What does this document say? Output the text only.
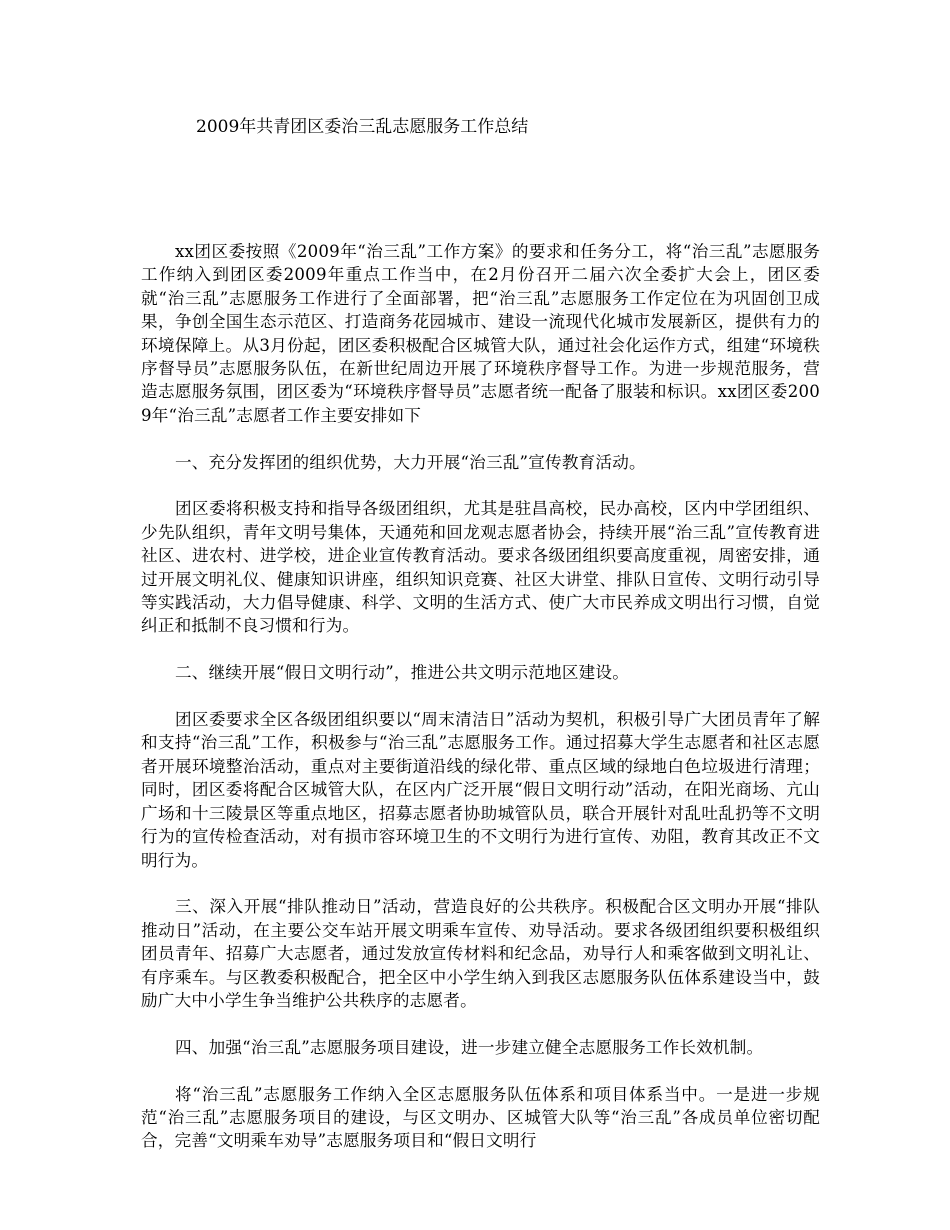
2009年共青团区委治三乱志愿服务工作总结

xx团区委按照《2009年“治三乱”工作方案》的要求和任务分工，将“治三乱”志愿服务工作纳入到团区委2009年重点工作当中，在2月份召开二届六次全委扩大会上，团区委就“治三乱”志愿服务工作进行了全面部署，把“治三乱”志愿服务工作定位在为巩固创卫成果，争创全国生态示范区、打造商务花园城市、建设一流现代化城市发展新区，提供有力的环境保障上。从3月份起，团区委积极配合区城管大队，通过社会化运作方式，组建“环境秩序督导员”志愿服务队伍，在新世纪周边开展了环境秩序督导工作。为进一步规范服务，营造志愿服务氛围，团区委为“环境秩序督导员”志愿者统一配备了服装和标识。xx团区委2009年“治三乱”志愿者工作主要安排如下

一、充分发挥团的组织优势，大力开展“治三乱”宣传教育活动。

团区委将积极支持和指导各级团组织，尤其是驻昌高校，民办高校，区内中学团组织、少先队组织，青年文明号集体，天通苑和回龙观志愿者协会，持续开展“治三乱”宣传教育进社区、进农村、进学校，进企业宣传教育活动。要求各级团组织要高度重视，周密安排，通过开展文明礼仪、健康知识讲座，组织知识竞赛、社区大讲堂、排队日宣传、文明行动引导等实践活动，大力倡导健康、科学、文明的生活方式、使广大市民养成文明出行习惯，自觉纠正和抵制不良习惯和行为。

二、继续开展“假日文明行动”，推进公共文明示范地区建设。

团区委要求全区各级团组织要以“周末清洁日”活动为契机，积极引导广大团员青年了解和支持“治三乱”工作，积极参与“治三乱”志愿服务工作。通过招募大学生志愿者和社区志愿者开展环境整治活动，重点对主要街道沿线的绿化带、重点区域的绿地白色垃圾进行清理；同时，团区委将配合区城管大队，在区内广泛开展“假日文明行动”活动，在阳光商场、亢山广场和十三陵景区等重点地区，招募志愿者协助城管队员，联合开展针对乱吐乱扔等不文明行为的宣传检查活动，对有损市容环境卫生的不文明行为进行宣传、劝阻，教育其改正不文明行为。

三、深入开展“排队推动日”活动，营造良好的公共秩序。积极配合区文明办开展“排队推动日”活动，在主要公交车站开展文明乘车宣传、劝导活动。要求各级团组织要积极组织团员青年、招募广大志愿者，通过发放宣传材料和纪念品，劝导行人和乘客做到文明礼让、有序乘车。与区教委积极配合，把全区中小学生纳入到我区志愿服务队伍体系建设当中，鼓励广大中小学生争当维护公共秩序的志愿者。

四、加强“治三乱”志愿服务项目建设，进一步建立健全志愿服务工作长效机制。

将“治三乱”志愿服务工作纳入全区志愿服务队伍体系和项目体系当中。一是进一步规范“治三乱”志愿服务项目的建设，与区文明办、区城管大队等“治三乱”各成员单位密切配合，完善“文明乘车劝导”志愿服务项目和“假日文明行
